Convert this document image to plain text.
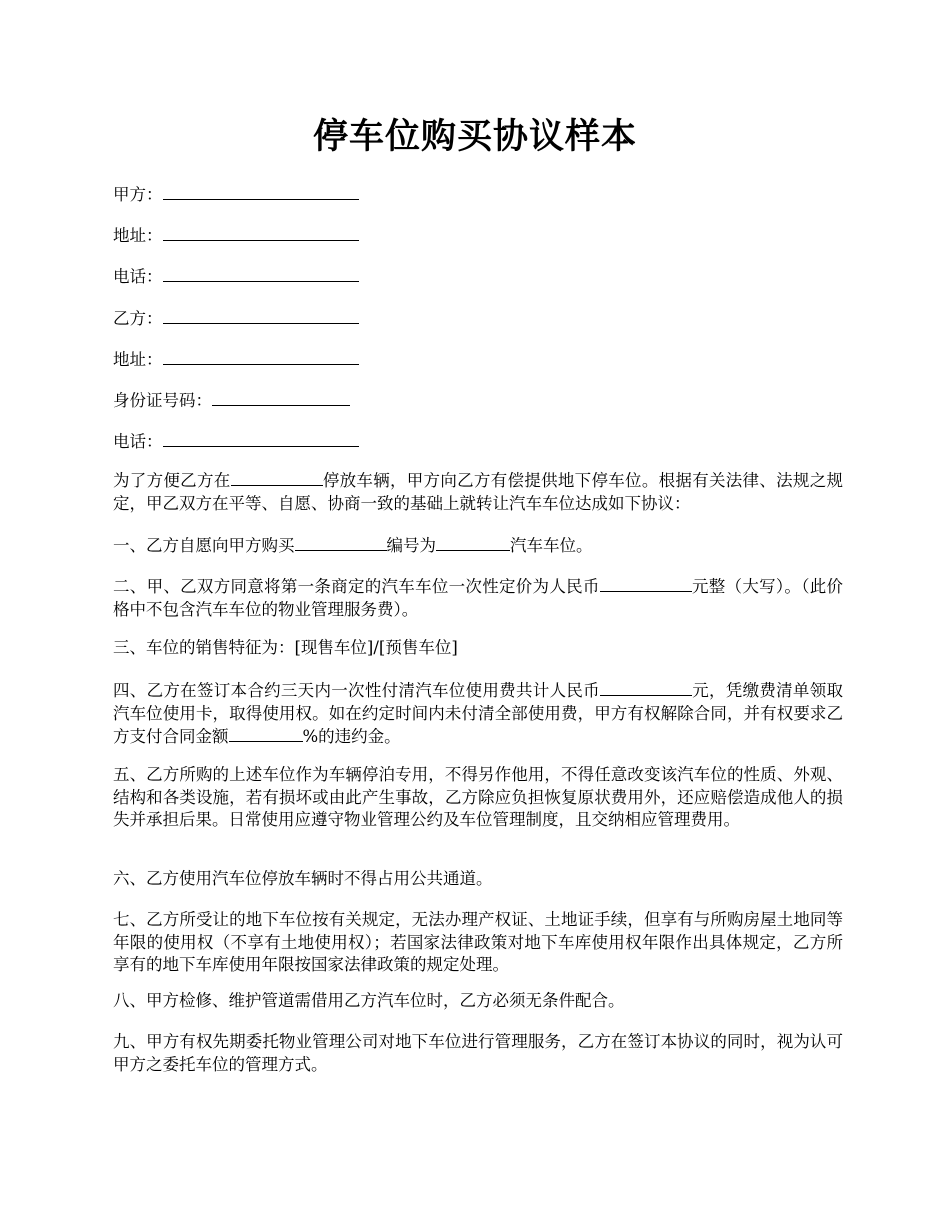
停车位购买协议样本
甲方：
地址：
电话：
乙方：
地址：
身份证号码：
电话：

为了方便乙方在	停放车辆，甲方向乙方有偿提供地下停车位。根据有关法律、法规之规定，甲乙双方在平等、自愿、协商一致的基础上就转让汽车车位达成如下协议：

一、乙方自愿向甲方购买	编号为	汽车车位。

二、甲、乙双方同意将第一条商定的汽车车位一次性定价为人民币	元整（大写）。（此价格中不包含汽车车位的物业管理服务费）。

三、车位的销售特征为：[现售车位]/[预售车位]

四、乙方在签订本合约三天内一次性付清汽车位使用费共计人民币	元，凭缴费清单领取汽车位使用卡，取得使用权。如在约定时间内未付清全部使用费，甲方有权解除合同，并有权要求乙方支付合同金额	%的违约金。

五、乙方所购的上述车位作为车辆停泊专用，不得另作他用，不得任意改变该汽车位的性质、外观、结构和各类设施，若有损坏或由此产生事故，乙方除应负担恢复原状费用外，还应赔偿造成他人的损失并承担后果。日常使用应遵守物业管理公约及车位管理制度，且交纳相应管理费用。

六、乙方使用汽车位停放车辆时不得占用公共通道。

七、乙方所受让的地下车位按有关规定，无法办理产权证、土地证手续，但享有与所购房屋土地同等年限的使用权（不享有土地使用权）；若国家法律政策对地下车库使用权年限作出具体规定，乙方所享有的地下车库使用年限按国家法律政策的规定处理。

八、甲方检修、维护管道需借用乙方汽车位时，乙方必须无条件配合。

九、甲方有权先期委托物业管理公司对地下车位进行管理服务，乙方在签订本协议的同时，视为认可甲方之委托车位的管理方式。
